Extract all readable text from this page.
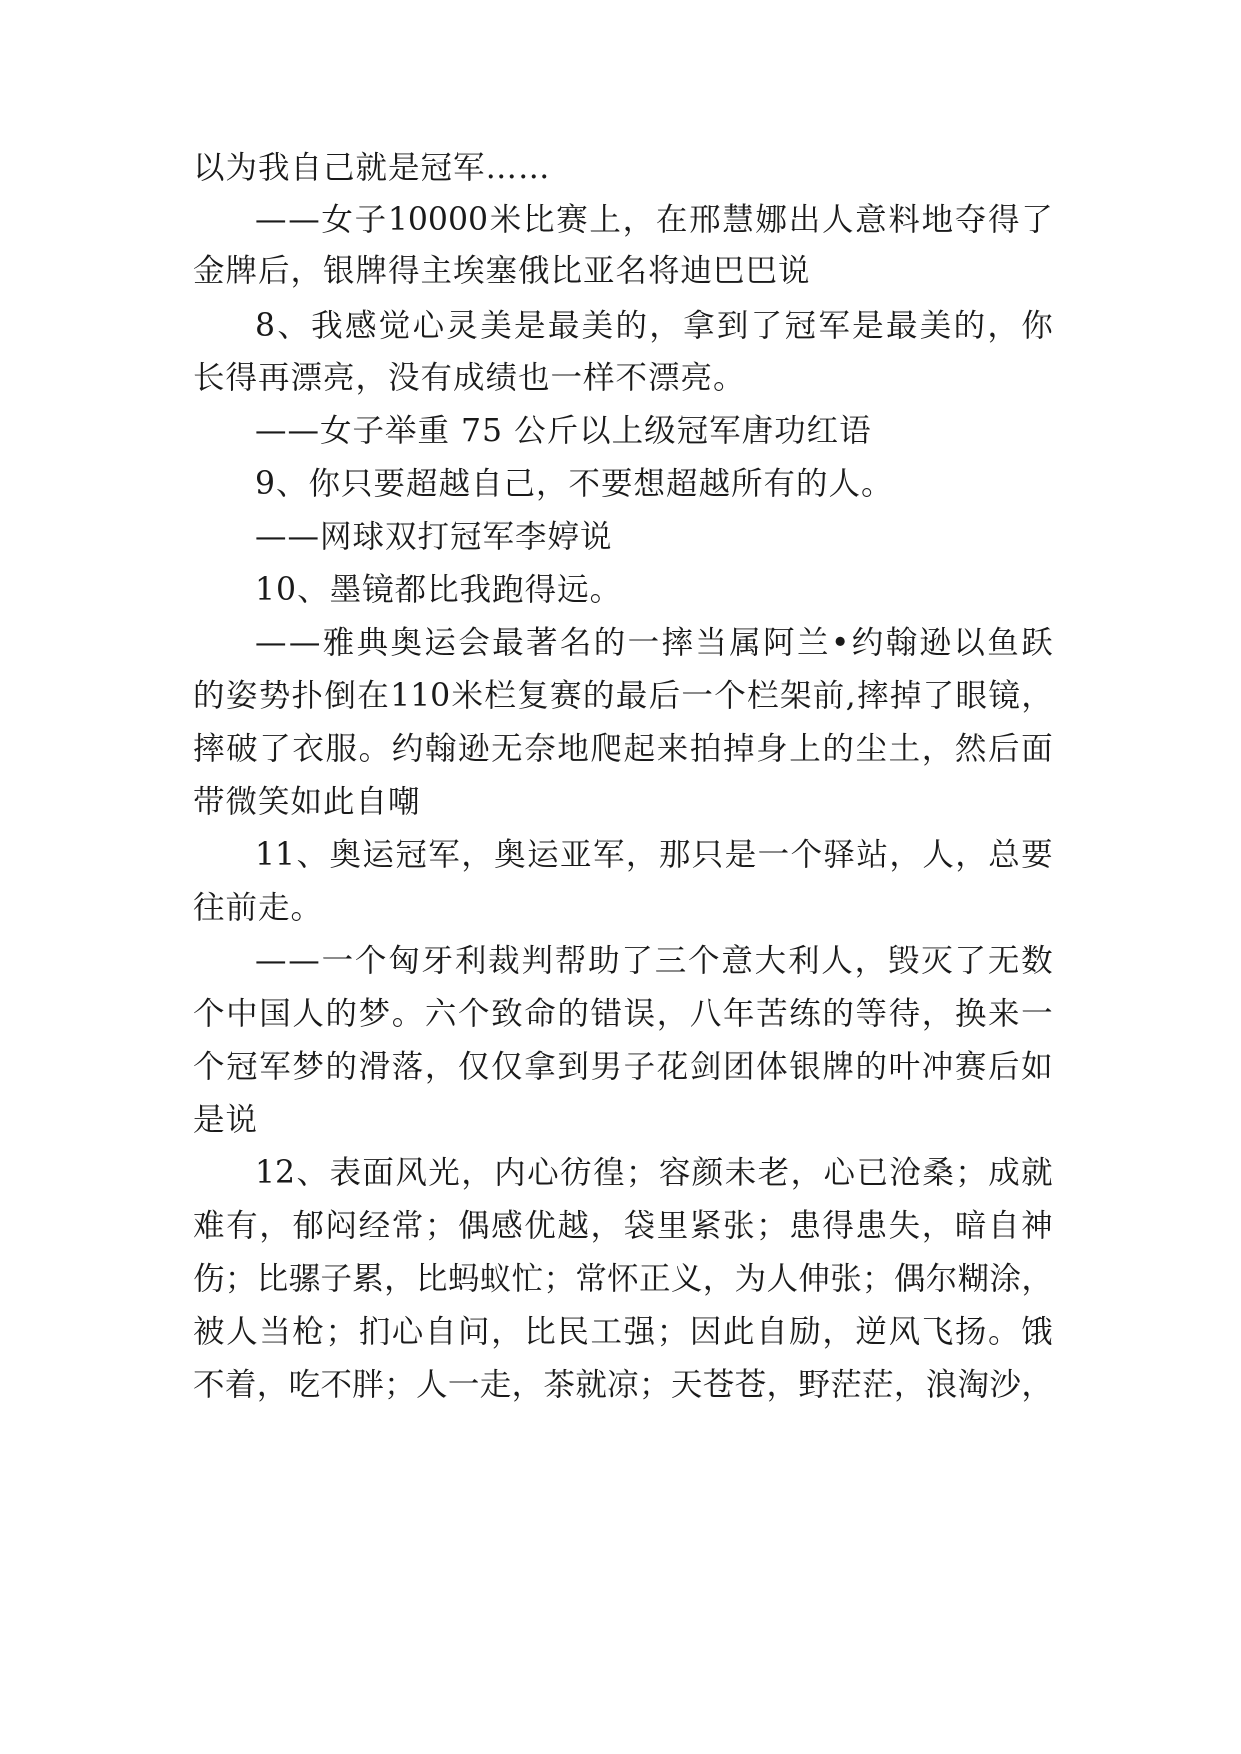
以为我自己就是冠军……
— — 女 子 10000 米 比 赛 上 ， 在 邢 慧 娜 出 人 意 料 地 夺 得 了
金牌后，银牌得主埃塞俄比亚名将迪巴巴说
8 、 我 感 觉 心 灵 美 是 最 美 的 ， 拿 到 了 冠 军 是 最 美 的 ， 你
长得再漂亮，没有成绩也一样不漂亮。
——女子举重 75 公斤以上级冠军唐功红语
9、你只要超越自己，不要想超越所有的人。
——网球双打冠军李婷说
10、墨镜都比我跑得远。
— — 雅 典 奥 运 会 最 著 名 的 一 摔 当 属 阿 兰 • 约 翰 逊 以 鱼 跃
的 姿 势 扑 倒 在 110 米 栏 复 赛 的 最 后 一 个 栏 架 前 , 摔 掉 了 眼 镜 ，
摔 破 了 衣 服 。 约 翰 逊 无 奈 地 爬 起 来 拍 掉 身 上 的 尘 土 ， 然 后 面
带微笑如此自嘲
11 、 奥 运 冠 军 ， 奥 运 亚 军 ， 那 只 是 一 个 驿 站 ， 人 ， 总 要
往前走。
— — 一 个 匈 牙 利 裁 判 帮 助 了 三 个 意 大 利 人 ， 毁 灭 了 无 数
个 中 国 人 的 梦 。 六 个 致 命 的 错 误 ， 八 年 苦 练 的 等 待 ， 换 来 一
个 冠 军 梦 的 滑 落 ， 仅 仅 拿 到 男 子 花 剑 团 体 银 牌 的 叶 冲 赛 后 如
是说
12 、 表 面 风 光 ， 内 心 彷 徨 ； 容 颜 未 老 ， 心 已 沧 桑 ； 成 就
难 有 ， 郁 闷 经 常 ； 偶 感 优 越 ， 袋 里 紧 张 ； 患 得 患 失 ， 暗 自 神
伤 ； 比 骡 子 累 ， 比 蚂 蚁 忙 ； 常 怀 正 义 ， 为 人 伸 张 ； 偶 尔 糊 涂 ，
被 人 当 枪 ； 扪 心 自 问 ， 比 民 工 强 ； 因 此 自 励 ， 逆 风 飞 扬 。 饿
不 着 ， 吃 不 胖 ； 人 一 走 ， 茶 就 凉 ； 天 苍 苍 ， 野 茫 茫 ， 浪 淘 沙 ，
